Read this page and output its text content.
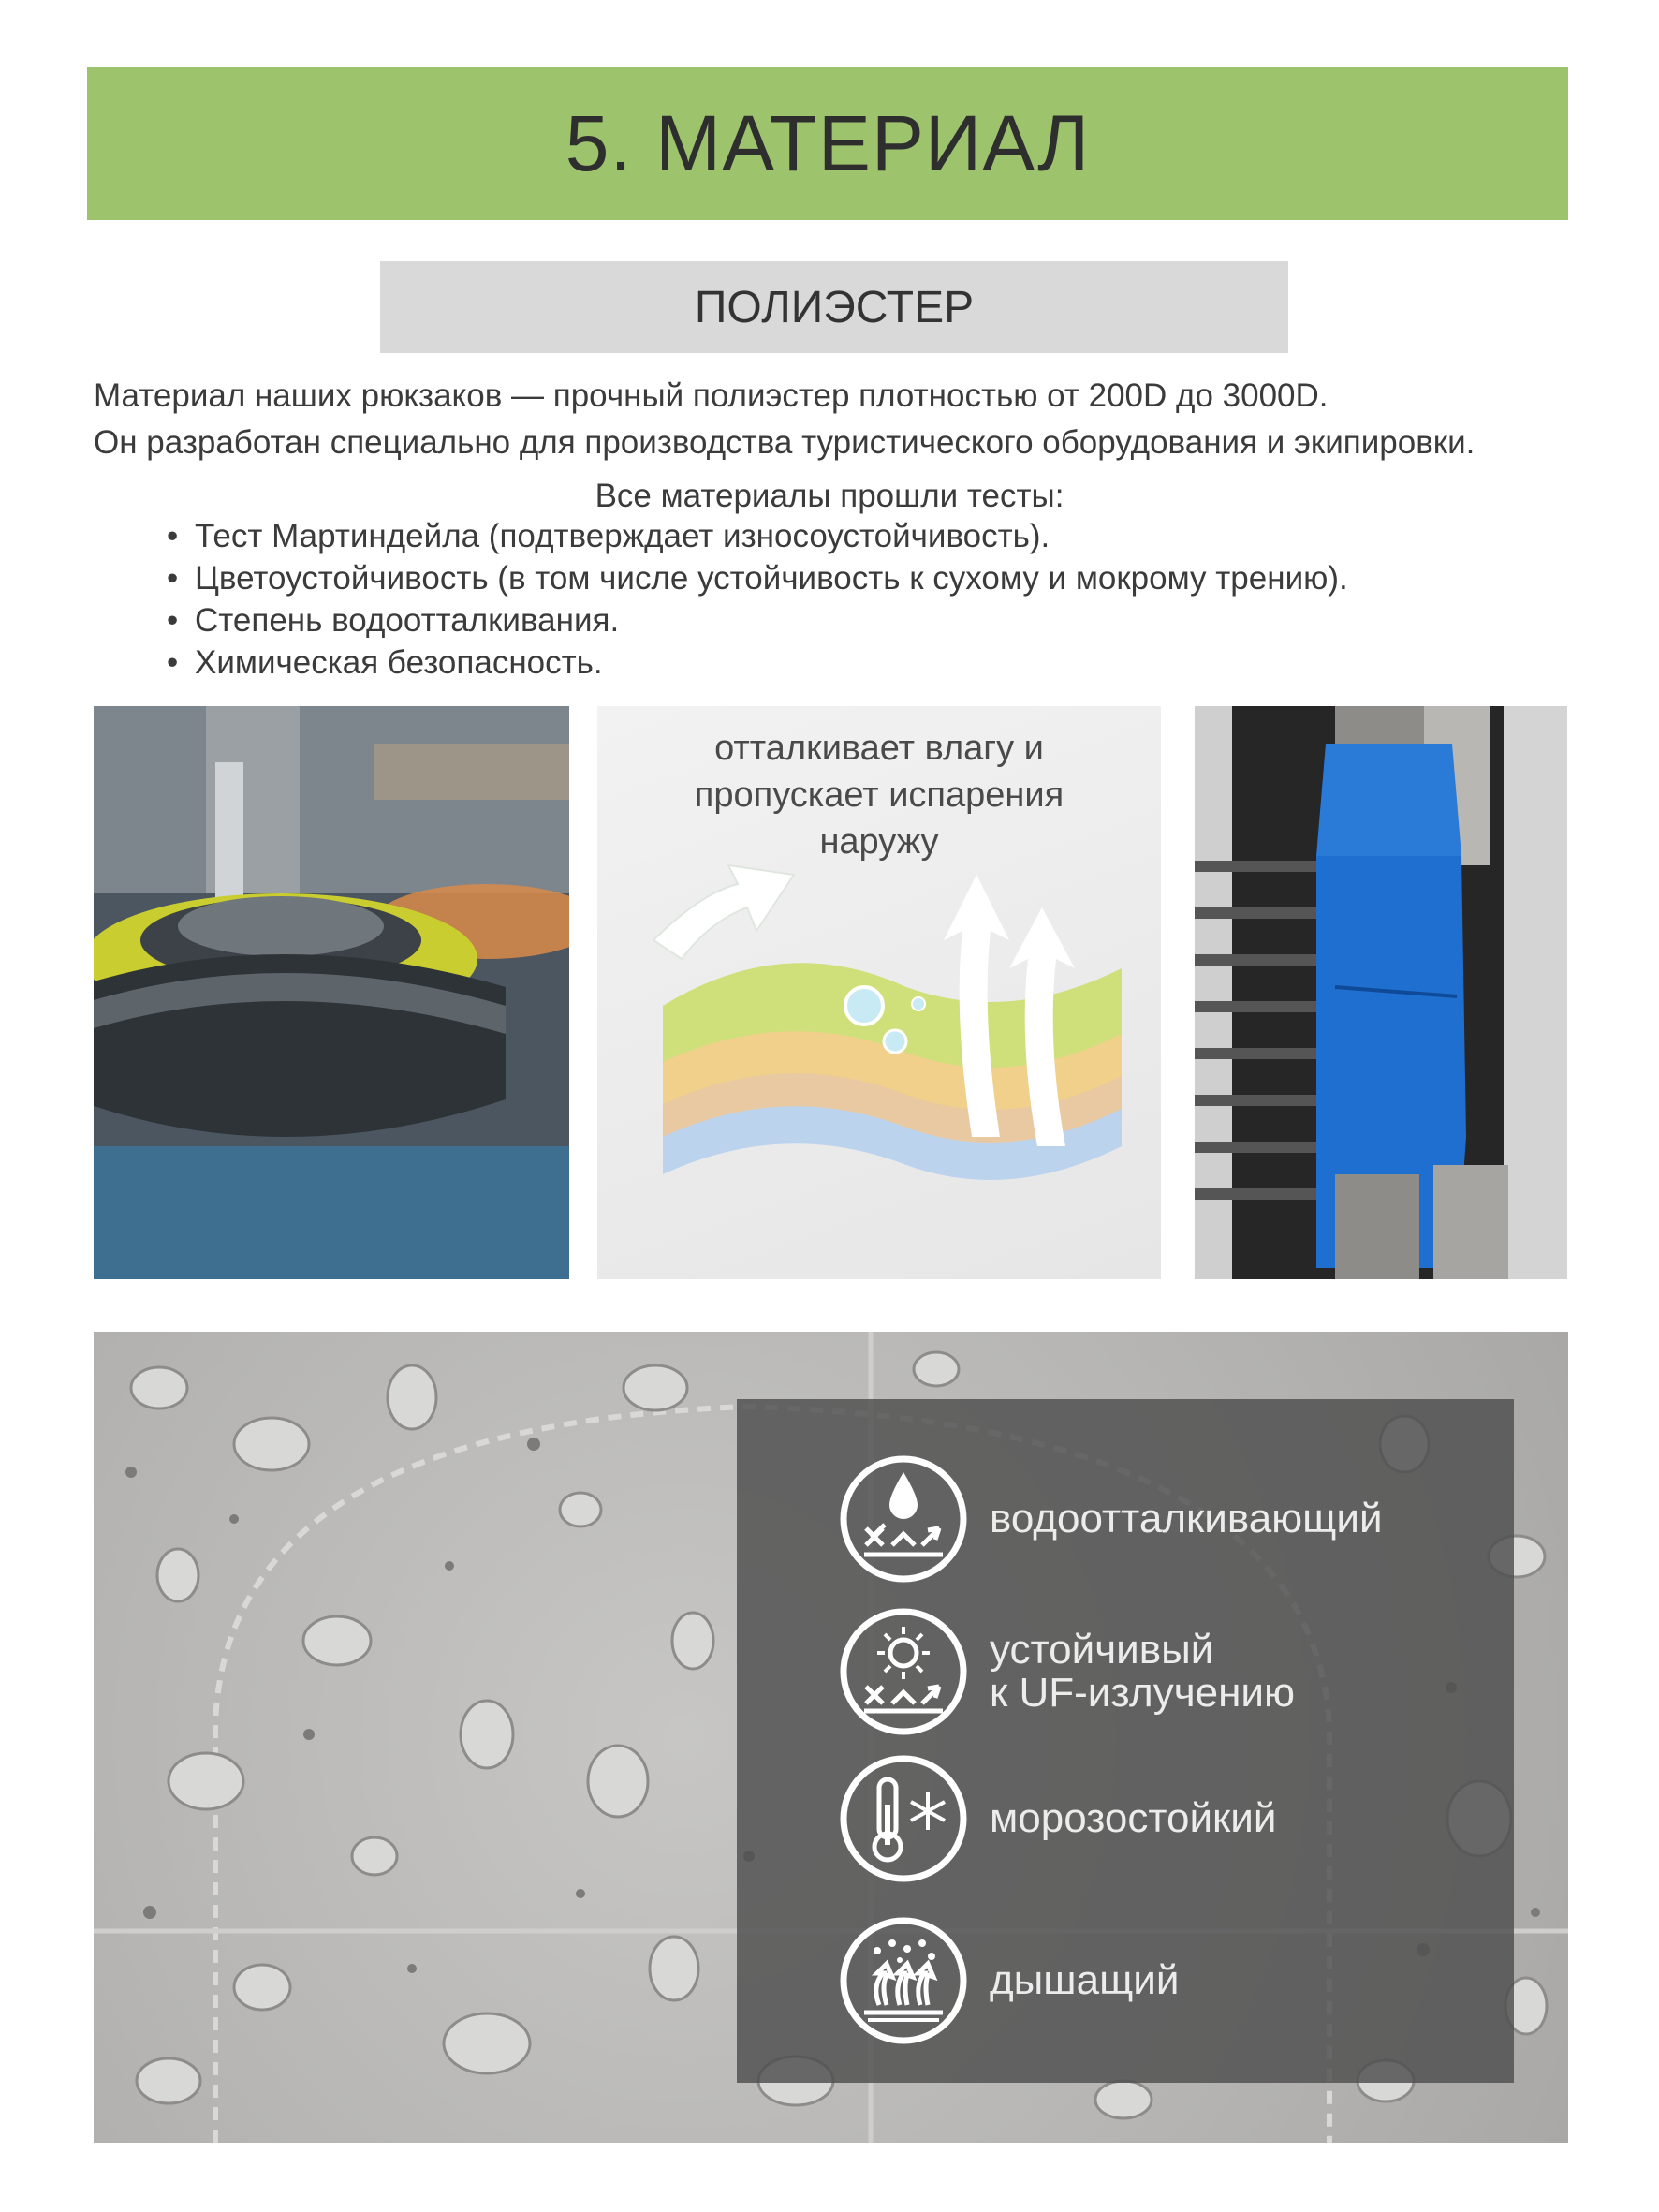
5. МАТЕРИАЛ
ПОЛИЭСТЕР

Материал наших рюкзаков — прочный полиэстер плотностью от 200D до 3000D.

Он разработан специально для производства туристического оборудования и экипировки.

Все материалы прошли тесты:
• Тест Мартиндейла (подтверждает износоустойчивость).
• Цветоустойчивость (в том числе устойчивость к сухому и мокрому трению).
• Степень водоотталкивания.
• Химическая безопасность.
отталкивает влагу и
пропускает испарения
наружу
водоотталкивающий
устойчивый
к UF-излучению
морозостойкий
дышащий
